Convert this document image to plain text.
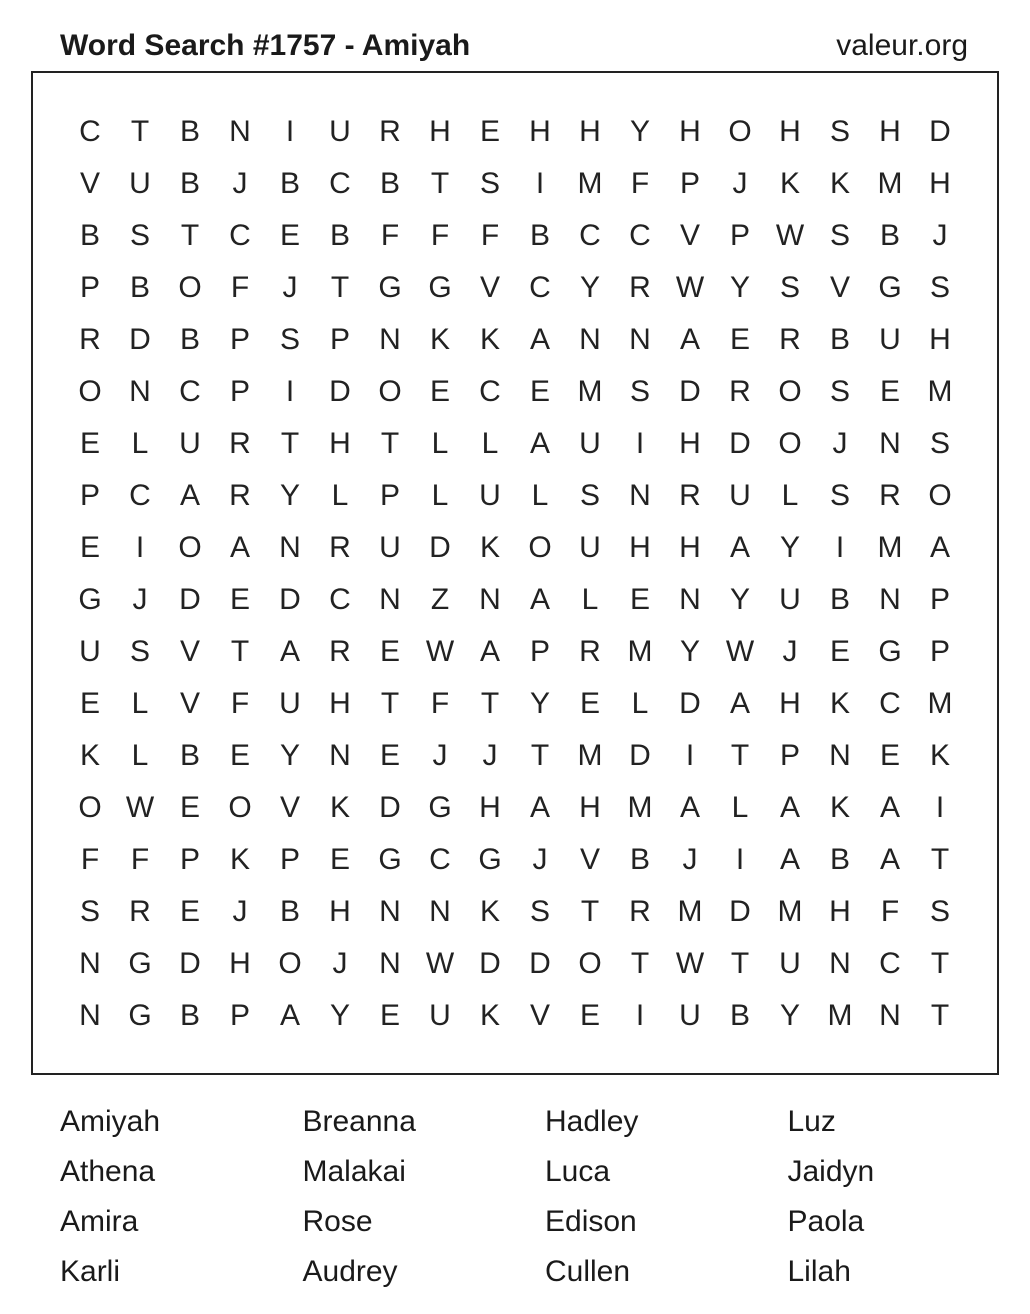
Word Search #1757 - Amiyah	valeur.org
C	T	B N	I	U R H E H H Y H O H S H D
V U B	J	B C B	T	S	I	M F	P	J	K K M H
B S	T	C E B	F	F	F	B C C V P W S B	J
P B O F	J	T G G V C Y R W Y S V G S
R D B P S P N K K A N N A E R B U H
O N C P	I	D O E C E M S D R O S E M
E	L	U R	T	H	T	L	L	A U	I	H D O	J	N S
P C A R Y	L	P	L	U	L	S N R U	L	S R O
E	I	O A N R U D K O U H H A Y	I	M A
G	J	D E D C N	Z	N A	L	E N Y U B N P
U S V	T	A R E W A P R M Y W J	E G P
E	L	V	F	U H	T	F	T	Y E	L	D A H K C M
K	L	B E Y N E	J	J	T M D	I	T	P N E K
O W E O V K D G H A H M A	L	A K A	I
F	F	P K P E G C G	J	V B	J	I	A B A	T
S R E	J	B H N N K S	T	R M D M H	F	S
N G D H O	J	N W D D O T W T	U N C	T
N G B P A Y E U K V E	I	U B Y M N	T
Amiyah	Breanna	Hadley	Luz
Athena	Malakai	Luca	Jaidyn
Amira	Rose	Edison	Paola
Karli	Audrey	Cullen	Lilah
